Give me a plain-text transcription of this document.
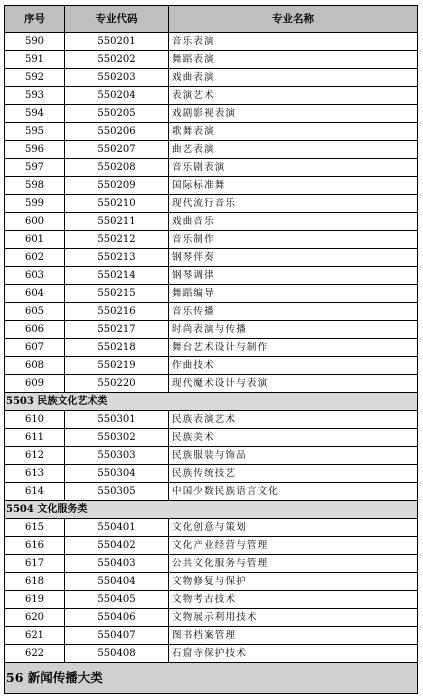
序号	专业代码	专业名称
590	550201	音乐表演
591	550202	舞蹈表演
592	550203	戏曲表演
593	550204	表演艺术
594	550205	戏剧影视表演
595	550206	歌舞表演
596	550207	曲艺表演
597	550208	音乐剧表演
598	550209	国际标准舞
599	550210	现代流行音乐
600	550211	戏曲音乐
601	550212	音乐制作
602	550213	钢琴伴奏
603	550214	钢琴调律
604	550215	舞蹈编导
605	550216	音乐传播
606	550217	时尚表演与传播
607	550218	舞台艺术设计与制作
608	550219	作曲技术
609	550220	现代魔术设计与表演
5503 民族文化艺术类		
610	550301	民族表演艺术
611	550302	民族美术
612	550303	民族服装与饰品
613	550304	民族传统技艺
614	550305	中国少数民族语言文化
5504 文化服务类		
615	550401	文化创意与策划
616	550402	文化产业经营与管理
617	550403	公共文化服务与管理
618	550404	文物修复与保护
619	550405	文物考古技术
620	550406	文物展示利用技术
621	550407	图书档案管理
622	550408	石窟寺保护技术
56 新闻传播大类		
